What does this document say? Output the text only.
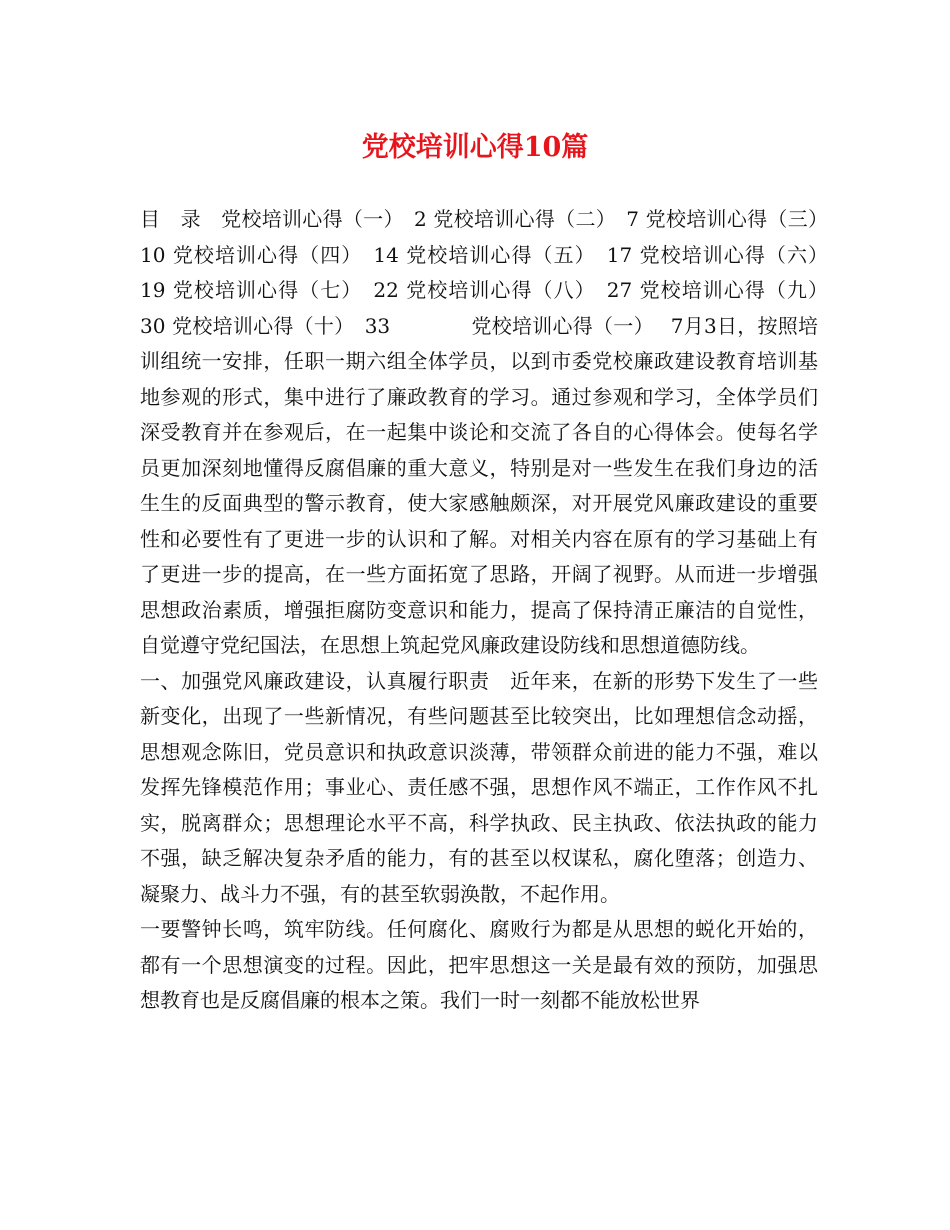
党校培训心得10篇

目　录　党校培训心得（一）　2 党校培训心得（二）　7 党校培训心得（三）　10 党校培训心得（四）　14 党校培训心得（五）　17 党校培训心得（六）　19 党校培训心得（七）　22 党校培训心得（八）　27 党校培训心得（九）　30 党校培训心得（十）　33　　　　党校培训心得（一）　 7月3日，按照培训组统一安排，任职一期六组全体学员，以到市委党校廉政建设教育培训基地参观的形式，集中进行了廉政教育的学习。通过参观和学习，全体学员们深受教育并在参观后，在一起集中谈论和交流了各自的心得体会。使每名学员更加深刻地懂得反腐倡廉的重大意义，特别是对一些发生在我们身边的活生生的反面典型的警示教育，使大家感触颇深，对开展党风廉政建设的重要性和必要性有了更进一步的认识和了解。对相关内容在原有的学习基础上有了更进一步的提高，在一些方面拓宽了思路，开阔了视野。从而进一步增强思想政治素质，增强拒腐防变意识和能力，提高了保持清正廉洁的自觉性，自觉遵守党纪国法，在思想上筑起党风廉政建设防线和思想道德防线。

一、加强党风廉政建设，认真履行职责　近年来，在新的形势下发生了一些新变化，出现了一些新情况，有些问题甚至比较突出，比如理想信念动摇，思想观念陈旧，党员意识和执政意识淡薄，带领群众前进的能力不强，难以发挥先锋模范作用；事业心、责任感不强，思想作风不端正，工作作风不扎实，脱离群众；思想理论水平不高，科学执政、民主执政、依法执政的能力不强，缺乏解决复杂矛盾的能力，有的甚至以权谋私，腐化堕落；创造力、凝聚力、战斗力不强，有的甚至软弱涣散，不起作用。

一要警钟长鸣，筑牢防线。任何腐化、腐败行为都是从思想的蜕化开始的，都有一个思想演变的过程。因此，把牢思想这一关是最有效的预防，加强思想教育也是反腐倡廉的根本之策。我们一时一刻都不能放松世界
